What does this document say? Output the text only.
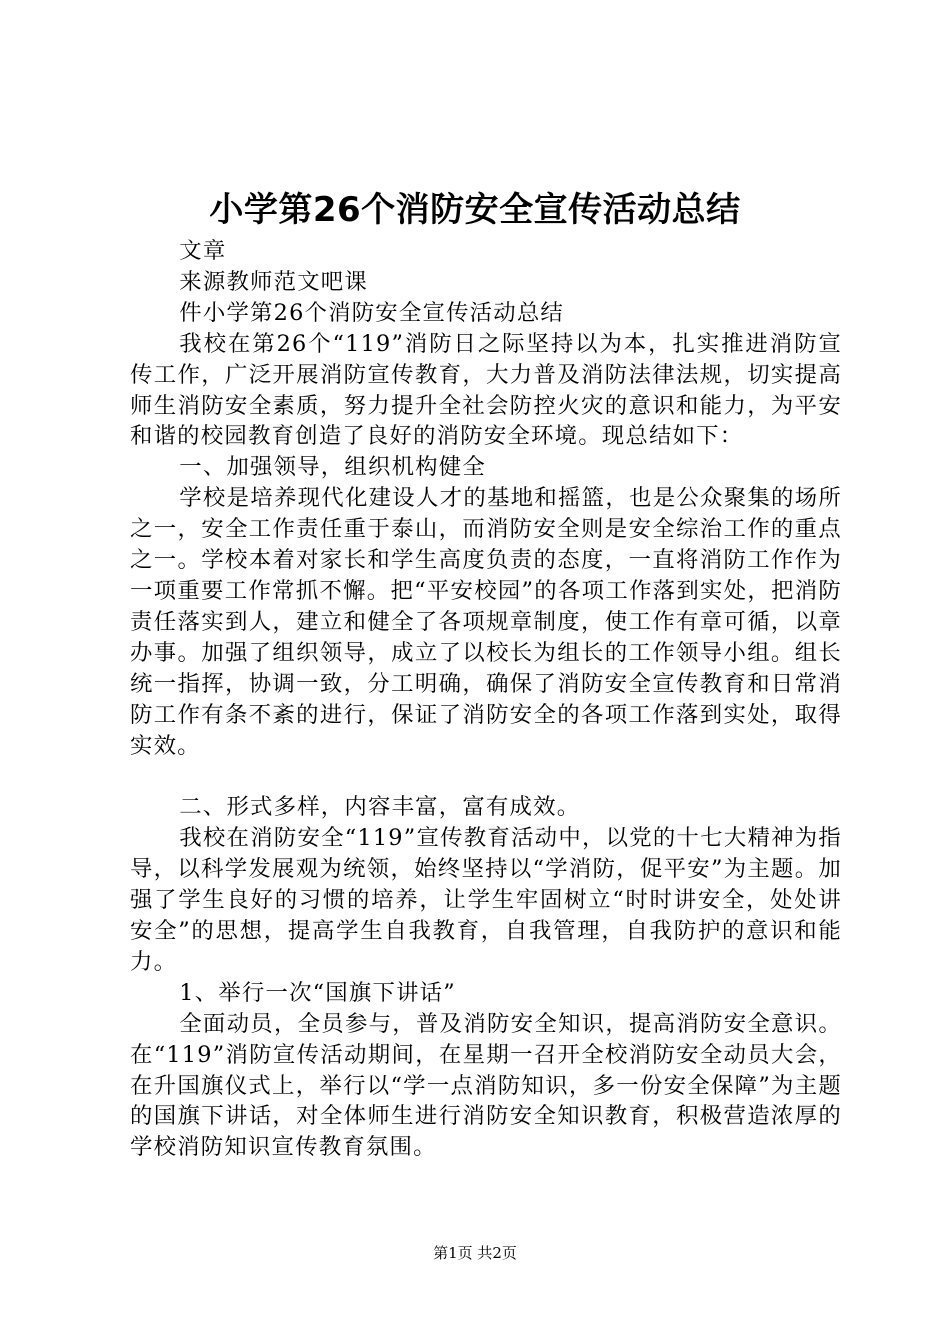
小学第26个消防安全宣传活动总结

文章

来源教师范文吧课

件小学第26个消防安全宣传活动总结

我校在第26个“119”消防日之际坚持以为本，扎实推进消防宣传工作，广泛开展消防宣传教育，大力普及消防法律法规，切实提高师生消防安全素质，努力提升全社会防控火灾的意识和能力，为平安和谐的校园教育创造了良好的消防安全环境。现总结如下：

一、加强领导，组织机构健全

学校是培养现代化建设人才的基地和摇篮，也是公众聚集的场所之一，安全工作责任重于泰山，而消防安全则是安全综治工作的重点之一。学校本着对家长和学生高度负责的态度，一直将消防工作作为一项重要工作常抓不懈。把“平安校园”的各项工作落到实处，把消防责任落实到人，建立和健全了各项规章制度，使工作有章可循，以章办事。加强了组织领导，成立了以校长为组长的工作领导小组。组长统一指挥，协调一致，分工明确，确保了消防安全宣传教育和日常消防工作有条不紊的进行，保证了消防安全的各项工作落到实处，取得实效。

二、形式多样，内容丰富，富有成效。

我校在消防安全“119”宣传教育活动中，以党的十七大精神为指导，以科学发展观为统领，始终坚持以“学消防，促平安”为主题。加强了学生良好的习惯的培养，让学生牢固树立“时时讲安全，处处讲安全”的思想，提高学生自我教育，自我管理，自我防护的意识和能力。

1、举行一次“国旗下讲话”

全面动员，全员参与，普及消防安全知识，提高消防安全意识。在“119”消防宣传活动期间，在星期一召开全校消防安全动员大会，在升国旗仪式上，举行以“学一点消防知识，多一份安全保障”为主题的国旗下讲话，对全体师生进行消防安全知识教育，积极营造浓厚的学校消防知识宣传教育氛围。

第1页 共2页
